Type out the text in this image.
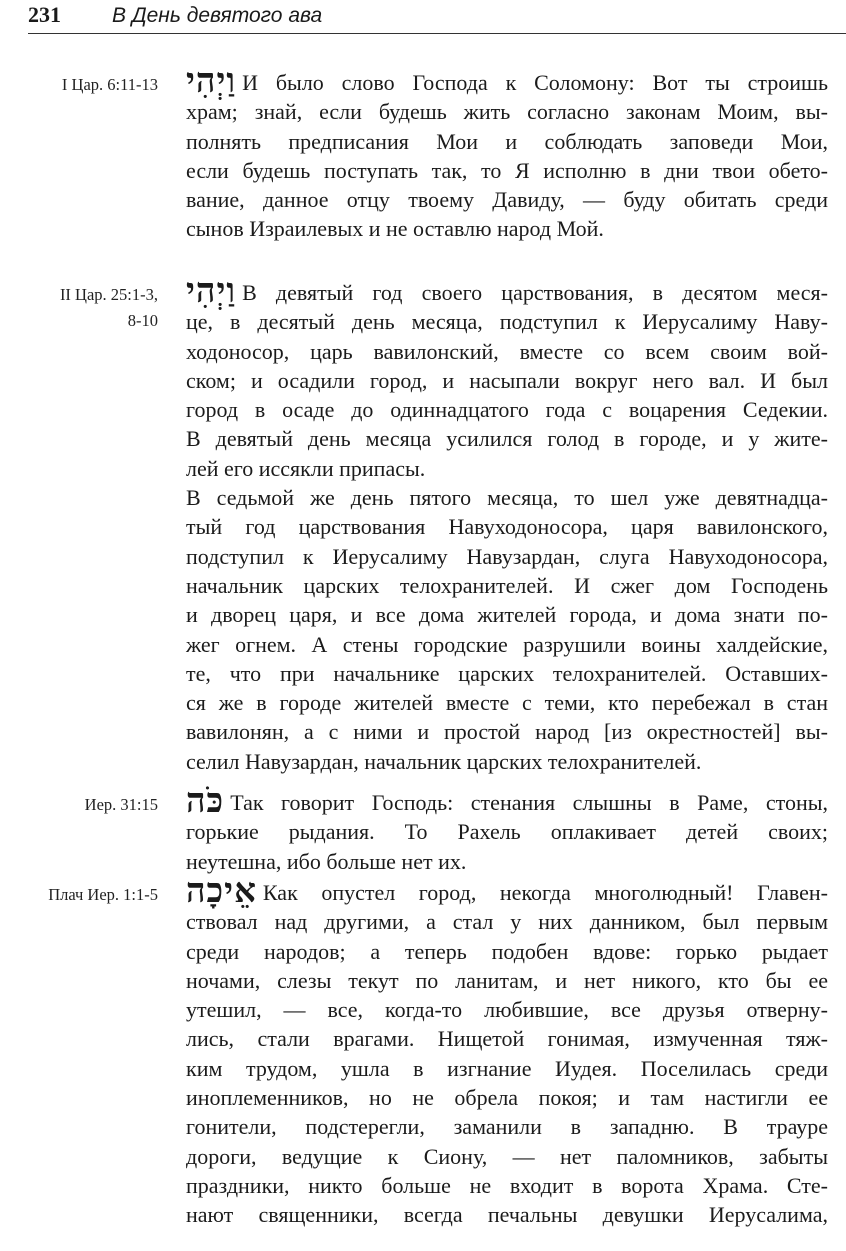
231	В День девятого ава
I Цар. 6:11-13 וַיְהִי И было слово Господа к Соломону: Вот ты строишь
храм; знай, если будешь жить согласно законам Моим, вы-
полнять предписания Мои и соблюдать заповеди Мои,
если будешь поступать так, то Я исполню в дни твои обето-
вание, данное отцу твоему Давиду, — буду обитать среди
сынов Израилевых и не оставлю народ Мой.
II Цар. 25:1-3,
8-10
וַיְהִי В девятый год своего царствования, в десятом меся-
це, в десятый день месяца, подступил к Иерусалиму Наву-
ходоносор, царь вавилонский, вместе со всем своим вой-
ском; и осадили город, и насыпали вокруг него вал. И был
город в осаде до одиннадцатого года с воцарения Седекии.
В девятый день месяца усилился голод в городе, и у жите-
лей его иссякли припасы.
В седьмой же день пятого месяца, то шел уже девятнадца-
тый год царствования Навуходоносора, царя вавилонского,
подступил к Иерусалиму Навузардан, слуга Навуходоносора,
начальник царских телохранителей. И сжег дом Господень
и дворец царя, и все дома жителей города, и дома знати по-
жег огнем. А стены городские разрушили воины халдейские,
те, что при начальнике царских телохранителей. Оставших-
ся же в городе жителей вместе с теми, кто перебежал в стан
вавилонян, а с ними и простой народ [из окрестностей] вы-
селил Навузардан, начальник царских телохранителей.
Иер. 31:15 כֹּה Так говорит Господь: стенания слышны в Раме, стоны,
горькие рыдания. То Рахель оплакивает детей своих;
неутешна, ибо больше нет их.
Плач Иер. 1:1-5 אֵיכָה Как опустел город, некогда многолюдный! Главен-
ствовал над другими, а стал у них данником, был первым
среди народов; а теперь подобен вдове: горько рыдает
ночами, слезы текут по ланитам, и нет никого, кто бы ее
утешил, — все, когда-то любившие, все друзья отверну-
лись, стали врагами. Нищетой гонимая, измученная тяж-
ким трудом, ушла в изгнание Иудея. Поселилась среди
иноплеменников, но не обрела покоя; и там настигли ее
гонители, подстерегли, заманили в западню. В трауре
дороги, ведущие к Сиону, — нет паломников, забыты
праздники, никто больше не входит в ворота Храма. Сте-
нают священники, всегда печальны девушки Иерусалима,
